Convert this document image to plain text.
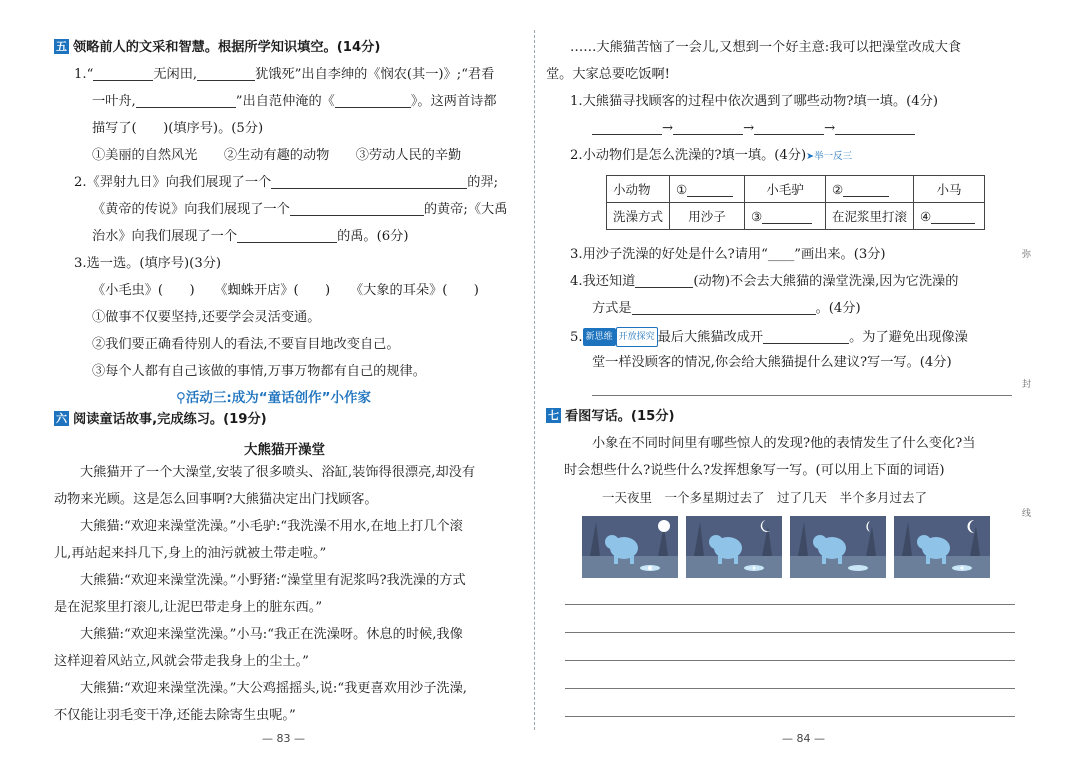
五 领略前人的文采和智慧。根据所学知识填空。(14分)
1.“	无闲田,	犹饿死”出自李绅的《悯农(其一)》;“君看
一叶舟,	”出自范仲淹的《	》。这两首诗都
描写了(　　)(填序号)。(5分)
①美丽的自然风光　　②生动有趣的动物　　③劳动人民的辛勤
2.《羿射九日》向我们展现了一个	的羿;
《黄帝的传说》向我们展现了一个	的黄帝;《大禹
治水》向我们展现了一个	的禹。(6分)
3.选一选。(填序号)(3分)
《小毛虫》(　　)　　《蜘蛛开店》(　　)　　《大象的耳朵》(　　)
①做事不仅要坚持,还要学会灵活变通。
②我们要正确看待别人的看法,不要盲目地改变自己。
③每个人都有自己该做的事情,万事万物都有自己的规律。
⚲活动三:成为“童话创作”小作家
六 阅读童话故事,完成练习。(19分)
大熊猫开澡堂
大熊猫开了一个大澡堂,安装了很多喷头、浴缸,装饰得很漂亮,却没有
动物来光顾。这是怎么回事啊?大熊猫决定出门找顾客。
大熊猫:“欢迎来澡堂洗澡。”小毛驴:“我洗澡不用水,在地上打几个滚
儿,再站起来抖几下,身上的油污就被土带走啦。”
大熊猫:“欢迎来澡堂洗澡。”小野猪:“澡堂里有泥浆吗?我洗澡的方式
是在泥浆里打滚儿,让泥巴带走身上的脏东西。”
大熊猫:“欢迎来澡堂洗澡。”小马:“我正在洗澡呀。休息的时候,我像
这样迎着风站立,风就会带走我身上的尘土。”
大熊猫:“欢迎来澡堂洗澡。”大公鸡摇摇头,说:“我更喜欢用沙子洗澡,
不仅能让羽毛变干净,还能去除寄生虫呢。”
— 83 —
……大熊猫苦恼了一会儿,又想到一个好主意:我可以把澡堂改成大食
堂。大家总要吃饭啊!
1.大熊猫寻找顾客的过程中依次遇到了哪些动物?填一填。(4分)
→	→	→
2.小动物们是怎么洗澡的?填一填。(4分)➤举一反三
小动物	①	小毛驴	②	小马
洗澡方式	用沙子	③	在泥浆里打滚	④
3.用沙子洗澡的好处是什么?请用“____”画出来。(3分)
4.我还知道	(动物)不会去大熊猫的澡堂洗澡,因为它洗澡的
方式是	。(4分)
5. 新思维 开放探究 最后大熊猫改成开	。为了避免出现像澡
堂一样没顾客的情况,你会给大熊猫提什么建议?写一写。(4分)
七 看图写话。(15分)
小象在不同时间里有哪些惊人的发现?他的表情发生了什么变化?当
时会想些什么?说些什么?发挥想象写一写。(可以用上下面的词语)
一天夜里　一个多星期过去了　过了几天　半个多月过去了
— 84 —
弥
封
线
